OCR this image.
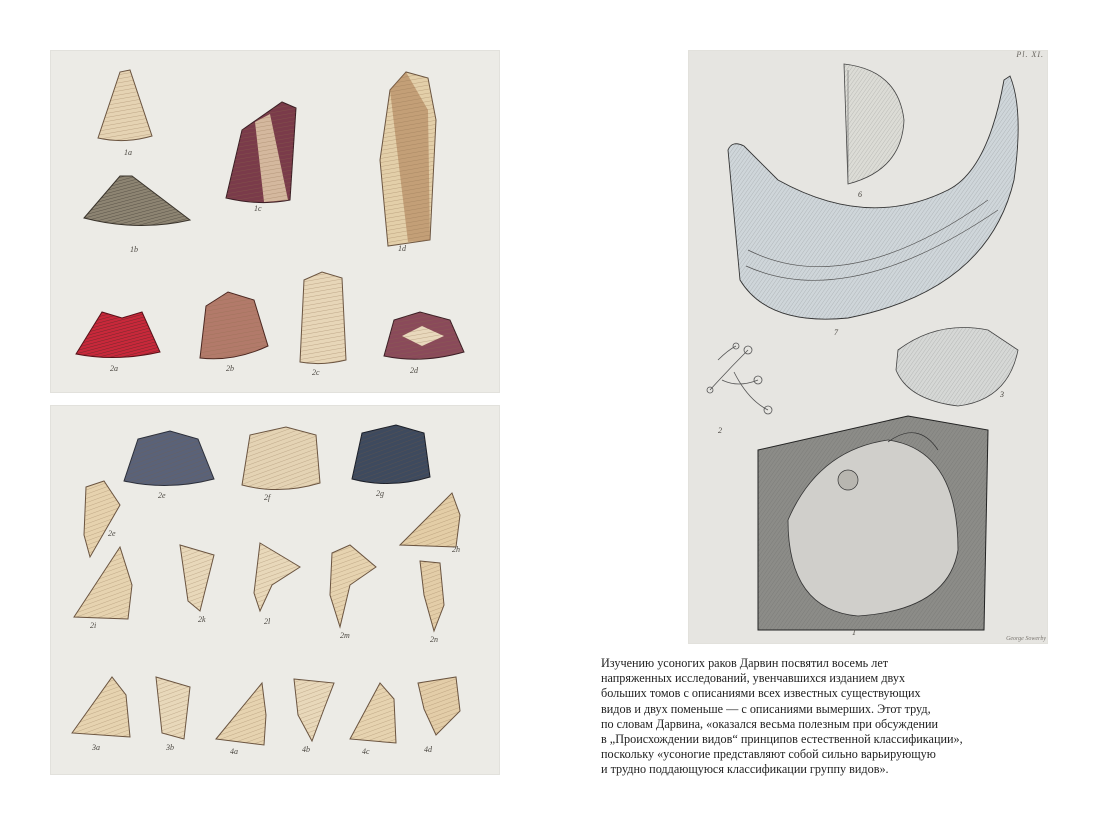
1a
1b
1c
1d
2a	2b	2c	2d
2e	2f	2g
2e
2h
2i
2k	2l
2m	2n
3a	3b	4a	4b	4c	4d
Pl. XI.
6
7
2
3
1
George Sowerby
Изучению усоногих раков Дарвин посвятил восемь лет
напряженных исследований, увенчавшихся изданием двух
больших томов с описаниями всех известных существующих
видов и двух поменьше — с описаниями вымерших. Этот труд,
по словам Дарвина, «оказался весьма полезным при обсуждении
в „Происхождении видов“ принципов естественной классификации»,
поскольку «усоногие представляют собой сильно варьирующую
и трудно поддающуюся классификации группу видов».
